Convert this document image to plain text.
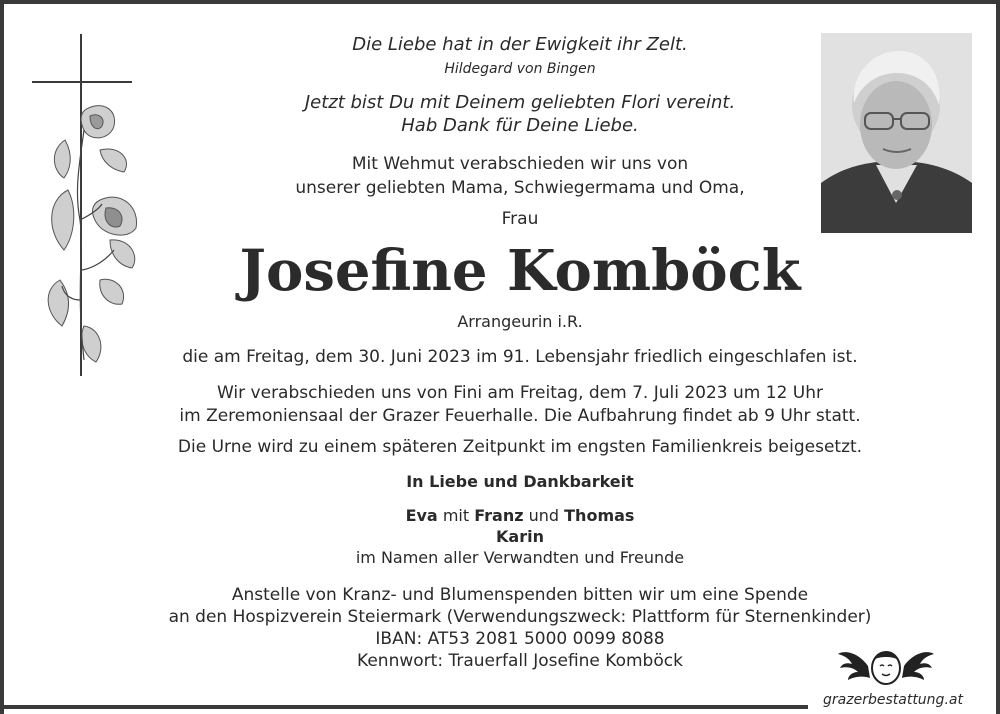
Die Liebe hat in der Ewigkeit ihr Zelt.
Hildegard von Bingen
Jetzt bist Du mit Deinem geliebten Flori vereint.
Hab Dank für Deine Liebe.
Mit Wehmut verabschieden wir uns von
unserer geliebten Mama, Schwiegermama und Oma,
Frau
Josefine Komböck
Arrangeurin i.R.
die am Freitag, dem 30. Juni 2023 im 91. Lebensjahr friedlich eingeschlafen ist.
Wir verabschieden uns von Fini am Freitag, dem 7. Juli 2023 um 12 Uhr
im Zeremoniensaal der Grazer Feuerhalle. Die Aufbahrung findet ab 9 Uhr statt.
Die Urne wird zu einem späteren Zeitpunkt im engsten Familienkreis beigesetzt.
In Liebe und Dankbarkeit
Eva mit Franz und Thomas
Karin
im Namen aller Verwandten und Freunde
Anstelle von Kranz- und Blumenspenden bitten wir um eine Spende
an den Hospizverein Steiermark (Verwendungszweck: Plattform für Sternenkinder)
IBAN: AT53 2081 5000 0099 8088
Kennwort: Trauerfall Josefine Komböck
grazerbestattung.at
